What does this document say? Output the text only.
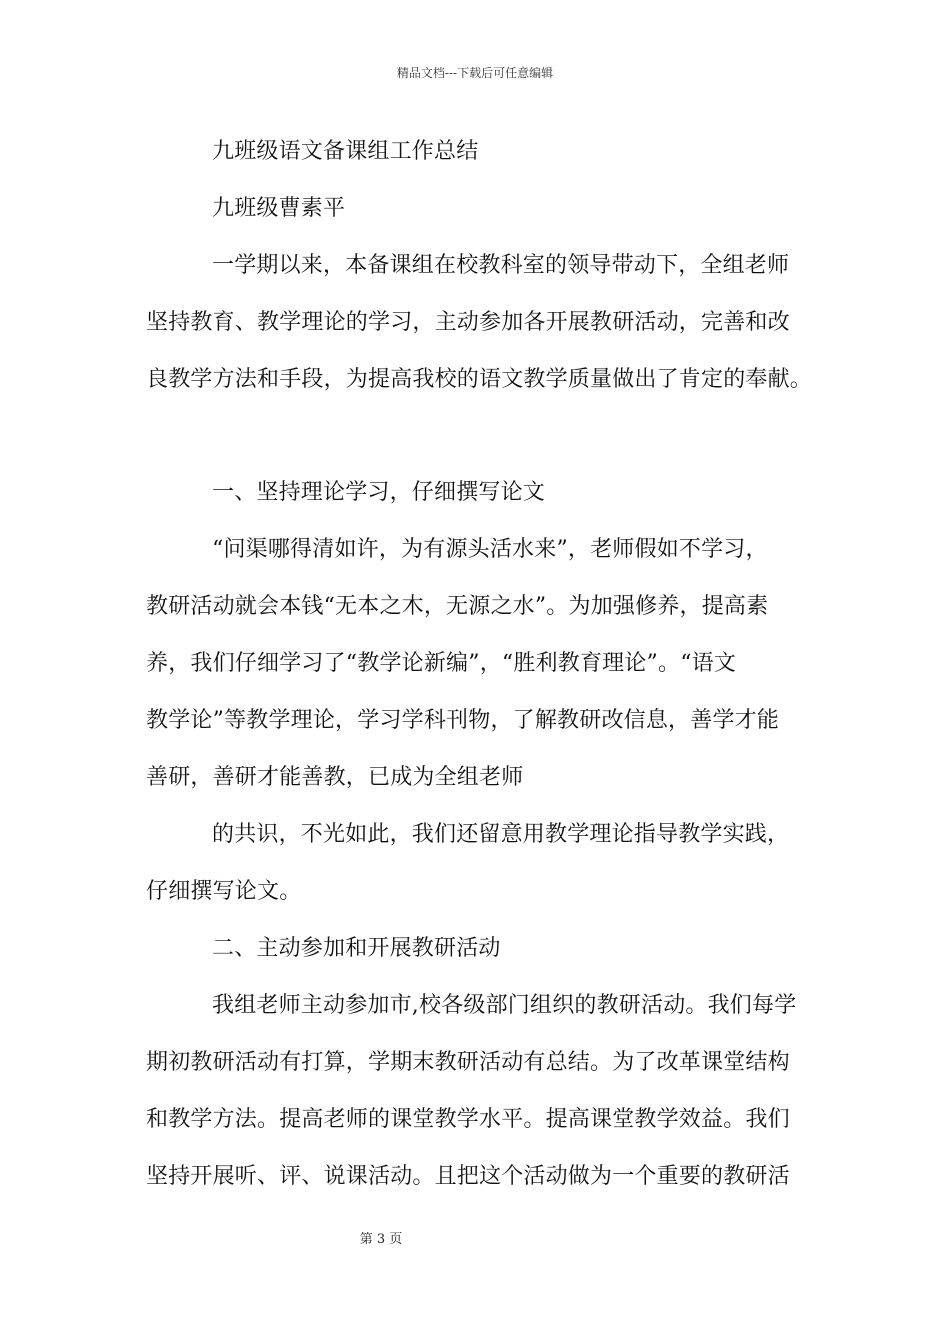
精品文档---下载后可任意编辑
九班级语文备课组工作总结
九班级曹素平
一学期以来，本备课组在校教科室的领导带动下，全组老师
坚持教育、教学理论的学习，主动参加各开展教研活动，完善和改
良教学方法和手段，为提高我校的语文教学质量做出了肯定的奉献。
一、坚持理论学习，仔细撰写论文
“问渠哪得清如许，为有源头活水来”，老师假如不学习，
教研活动就会本钱“无本之木，无源之水”。为加强修养，提高素
养，我们仔细学习了“教学论新编”，“胜利教育理论”。“语文
教学论”等教学理论，学习学科刊物，了解教研改信息，善学才能
善研，善研才能善教，已成为全组老师
的共识，不光如此，我们还留意用教学理论指导教学实践，
仔细撰写论文。
二、主动参加和开展教研活动
我组老师主动参加市,校各级部门组织的教研活动。我们每学
期初教研活动有打算，学期末教研活动有总结。为了改革课堂结构
和教学方法。提高老师的课堂教学水平。提高课堂教学效益。我们
坚持开展听、评、说课活动。且把这个活动做为一个重要的教研活
第 3 页
